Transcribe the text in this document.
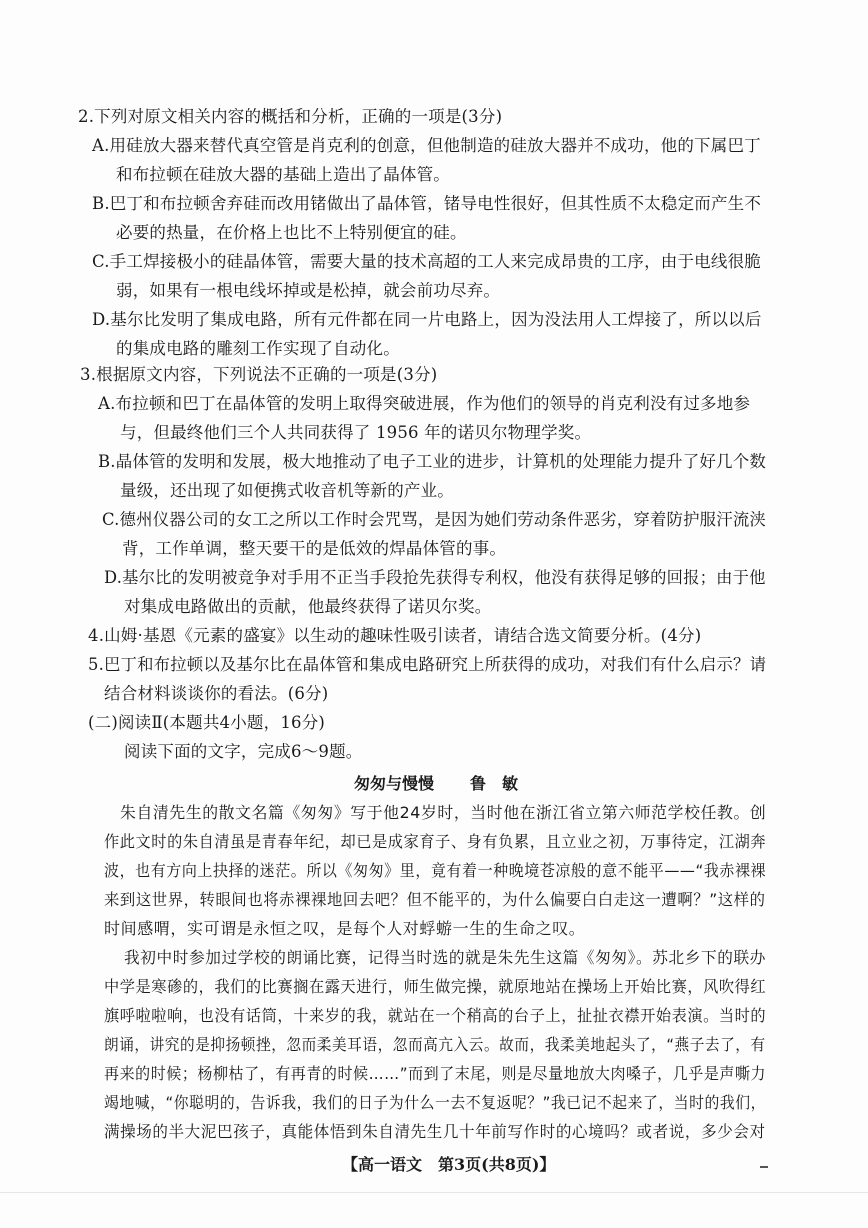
2.下列对原文相关内容的概括和分析，正确的一项是(3分)
A.用硅放大器来替代真空管是肖克利的创意，但他制造的硅放大器并不成功，他的下属巴丁
和布拉顿在硅放大器的基础上造出了晶体管。
B.巴丁和布拉顿舍弃硅而改用锗做出了晶体管，锗导电性很好，但其性质不太稳定而产生不
必要的热量，在价格上也比不上特别便宜的硅。
C.手工焊接极小的硅晶体管，需要大量的技术高超的工人来完成昂贵的工序，由于电线很脆
弱，如果有一根电线坏掉或是松掉，就会前功尽弃。
D.基尔比发明了集成电路，所有元件都在同一片电路上，因为没法用人工焊接了，所以以后
的集成电路的雕刻工作实现了自动化。
3.根据原文内容，下列说法不正确的一项是(3分)
A.布拉顿和巴丁在晶体管的发明上取得突破进展，作为他们的领导的肖克利没有过多地参
与，但最终他们三个人共同获得了 1956 年的诺贝尔物理学奖。
B.晶体管的发明和发展，极大地推动了电子工业的进步，计算机的处理能力提升了好几个数
量级，还出现了如便携式收音机等新的产业。
C.德州仪器公司的女工之所以工作时会咒骂，是因为她们劳动条件恶劣，穿着防护服汗流浃
背，工作单调，整天要干的是低效的焊晶体管的事。
D.基尔比的发明被竞争对手用不正当手段抢先获得专利权，他没有获得足够的回报；由于他
对集成电路做出的贡献，他最终获得了诺贝尔奖。
4.山姆·基恩《元素的盛宴》以生动的趣味性吸引读者，请结合选文简要分析。(4分)
5.巴丁和布拉顿以及基尔比在晶体管和集成电路研究上所获得的成功，对我们有什么启示？请
结合材料谈谈你的看法。(6分)
(二)阅读Ⅱ(本题共4小题，16分)
阅读下面的文字，完成6～9题。
匆匆与慢慢 鲁　敏
朱自清先生的散文名篇《匆匆》写于他24岁时，当时他在浙江省立第六师范学校任教。创
作此文时的朱自清虽是青春年纪，却已是成家育子、身有负累，且立业之初，万事待定，江湖奔
波，也有方向上抉择的迷茫。所以《匆匆》里，竟有着一种晚境苍凉般的意不能平——“我赤裸裸
来到这世界，转眼间也将赤裸裸地回去吧？但不能平的，为什么偏要白白走这一遭啊？”这样的
时间感喟，实可谓是永恒之叹，是每个人对蜉蝣一生的生命之叹。
我初中时参加过学校的朗诵比赛，记得当时选的就是朱先生这篇《匆匆》。苏北乡下的联办
中学是寒碜的，我们的比赛搁在露天进行，师生做完操，就原地站在操场上开始比赛，风吹得红
旗呼啦啦响，也没有话筒，十来岁的我，就站在一个稍高的台子上，扯扯衣襟开始表演。当时的
朗诵，讲究的是抑扬顿挫，忽而柔美耳语，忽而高亢入云。故而，我柔美地起头了，“燕子去了，有
再来的时候；杨柳枯了，有再青的时候……”而到了末尾，则是尽量地放大肉嗓子，几乎是声嘶力
竭地喊，“你聪明的，告诉我，我们的日子为什么一去不复返呢？”我已记不起来了，当时的我们，
满操场的半大泥巴孩子，真能体悟到朱自清先生几十年前写作时的心境吗？或者说，多少会对
【高一语文　第3页(共8页)】
